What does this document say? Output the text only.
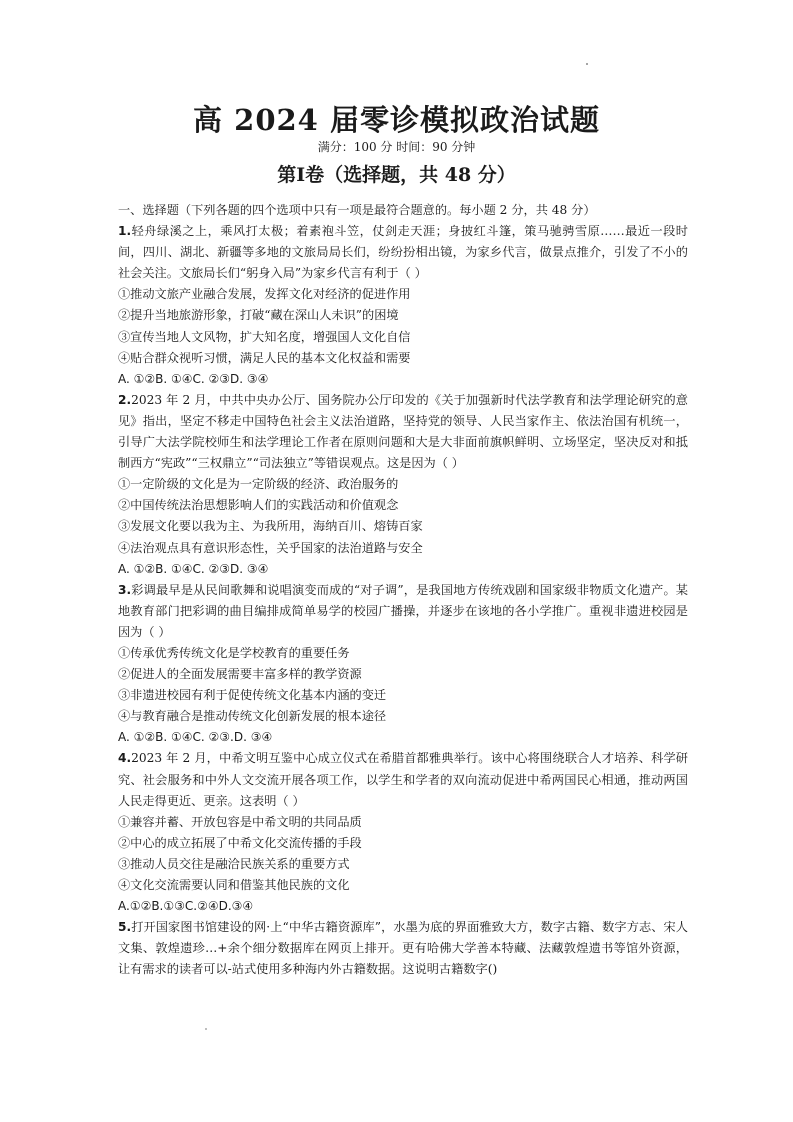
高 2024 届零诊模拟政治试题
满分：100 分 时间：90 分钟
第Ⅰ卷（选择题，共 48 分）
一、选择题（下列各题的四个选项中只有一项是最符合题意的。每小题 2 分，共 48 分）
1.轻舟绿溪之上，乘风打太极；着素袍斗笠，仗剑走天涯；身披红斗篷，策马驰骋雪原……最近一段时间，四川、湖北、新疆等多地的文旅局局长们，纷纷扮相出镜，为家乡代言，做景点推介，引发了不小的社会关注。文旅局长们“躬身入局”为家乡代言有利于（ ）
①推动文旅产业融合发展，发挥文化对经济的促进作用
②提升当地旅游形象，打破“藏在深山人未识”的困境
③宣传当地人文风物，扩大知名度，增强国人文化自信
④贴合群众视听习惯，满足人民的基本文化权益和需要
A. ①②B. ①④C. ②③D. ③④
2.2023 年 2 月，中共中央办公厅、国务院办公厅印发的《关于加强新时代法学教育和法学理论研究的意见》指出，坚定不移走中国特色社会主义法治道路，坚持党的领导、人民当家作主、依法治国有机统一，引导广大法学院校师生和法学理论工作者在原则问题和大是大非面前旗帜鲜明、立场坚定，坚决反对和抵制西方“宪政”“三权鼎立”“司法独立”等错误观点。这是因为（ ）
①一定阶级的文化是为一定阶级的经济、政治服务的
②中国传统法治思想影响人们的实践活动和价值观念
③发展文化要以我为主、为我所用，海纳百川、熔铸百家
④法治观点具有意识形态性，关乎国家的法治道路与安全
A. ①②B. ①④C. ②③D. ③④
3.彩调最早是从民间歌舞和说唱演变而成的“对子调”，是我国地方传统戏剧和国家级非物质文化遗产。某地教育部门把彩调的曲目编排成简单易学的校园广播操，并逐步在该地的各小学推广。重视非遗进校园是因为（ ）
①传承优秀传统文化是学校教育的重要任务
②促进人的全面发展需要丰富多样的教学资源
③非遗进校园有利于促使传统文化基本内涵的变迁
④与教育融合是推动传统文化创新发展的根本途径
A. ①②B. ①④C. ②③.D. ③④
4.2023 年 2 月，中希文明互鉴中心成立仪式在希腊首都雅典举行。该中心将围绕联合人才培养、科学研究、社会服务和中外人文交流开展各项工作，以学生和学者的双向流动促进中希两国民心相通，推动两国人民走得更近、更亲。这表明（ ）
①兼容并蓄、开放包容是中希文明的共同品质
②中心的成立拓展了中希文化交流传播的手段
③推动人员交往是融洽民族关系的重要方式
④文化交流需要认同和借鉴其他民族的文化
A.①②B.①③C.②④D.③④
5.打开国家图书馆建设的网·上“中华古籍资源库”，水墨为底的界面雅致大方，数字古籍、数字方志、宋人文集、敦煌遗珍…+余个细分数据库在网页上排开。更有哈佛大学善本特藏、法藏敦煌遗书等馆外资源，让有需求的读者可以-站式使用多种海内外古籍数据。这说明古籍数字()
